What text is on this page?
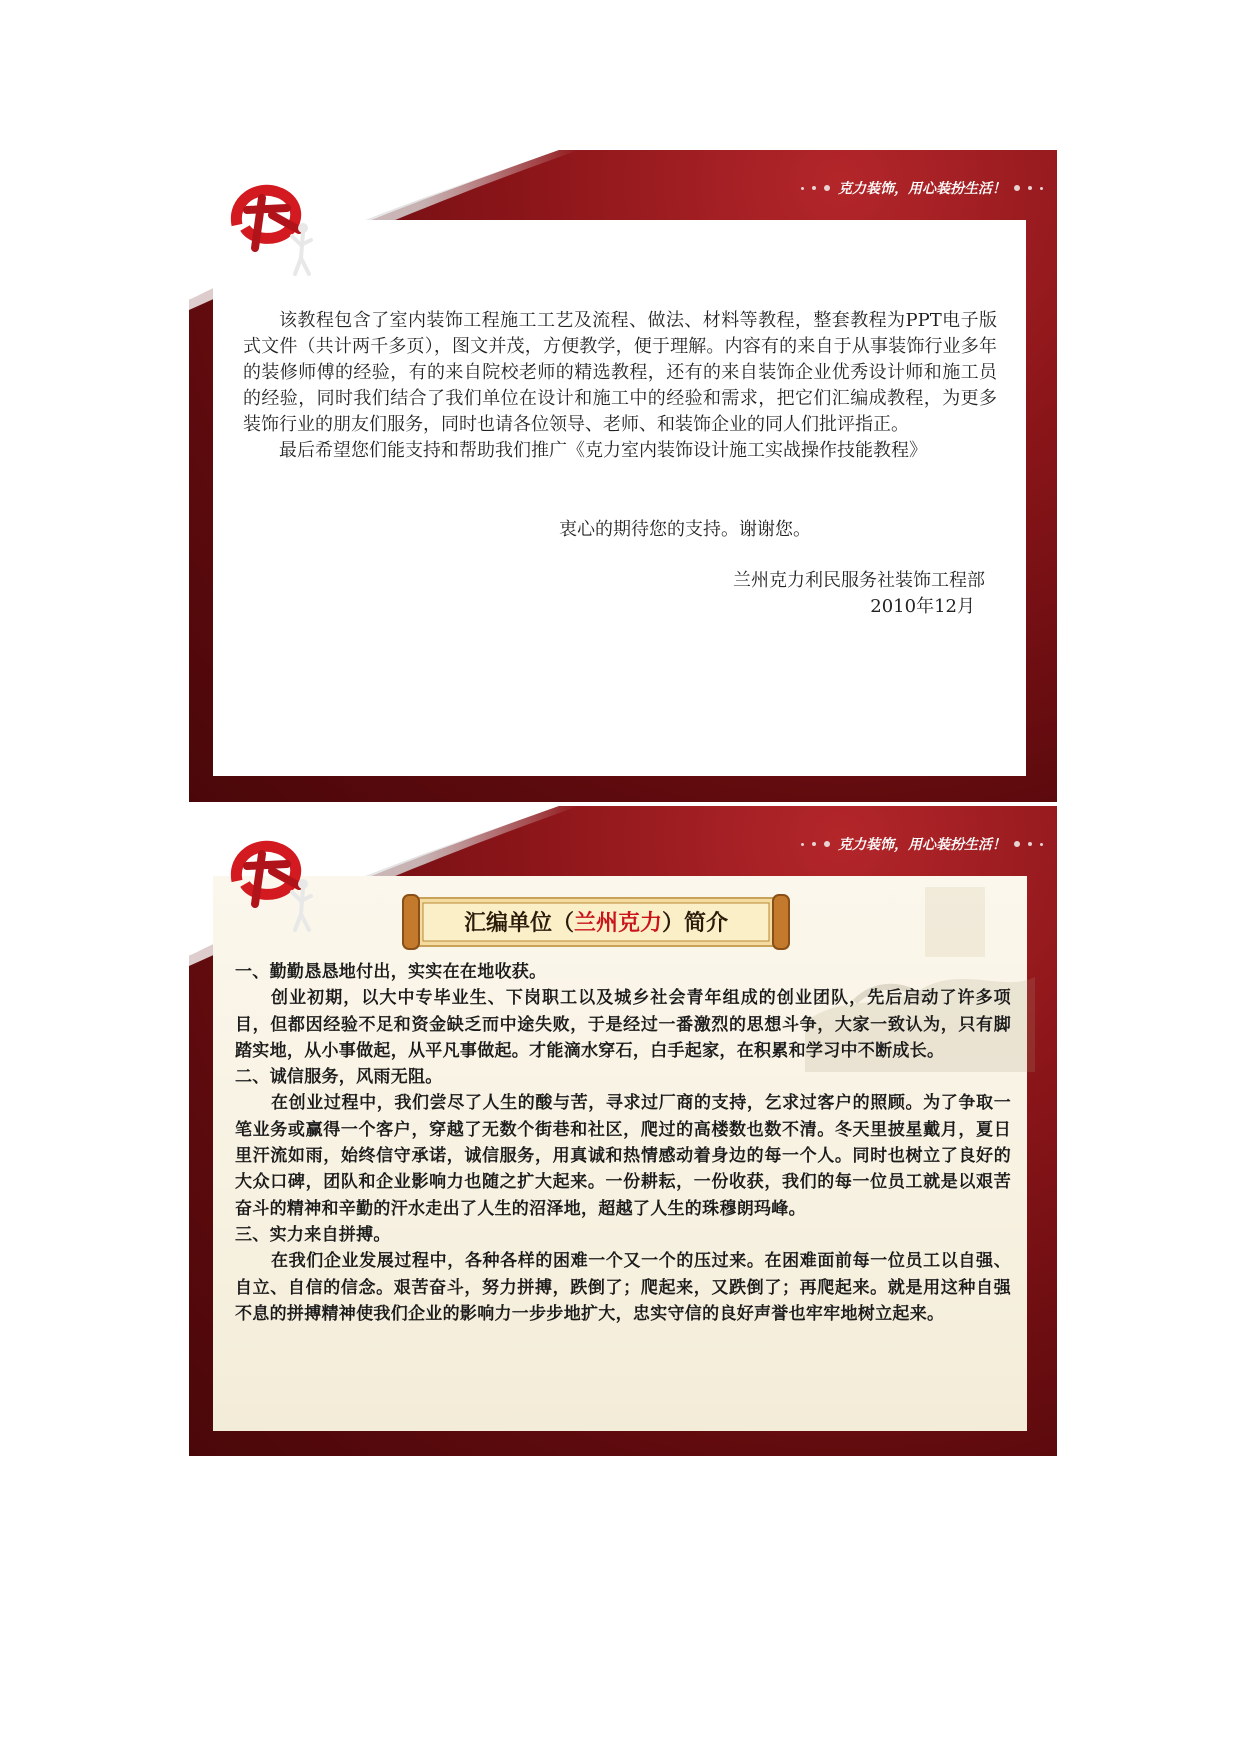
克力装饰，用心装扮生活！

该教程包含了室内装饰工程施工工艺及流程、做法、材料等教程，整套教程为PPT电子版式文件（共计两千多页），图文并茂，方便教学，便于理解。内容有的来自于从事装饰行业多年的装修师傅的经验，有的来自院校老师的精选教程，还有的来自装饰企业优秀设计师和施工员的经验，同时我们结合了我们单位在设计和施工中的经验和需求，把它们汇编成教程，为更多装饰行业的朋友们服务，同时也请各位领导、老师、和装饰企业的同人们批评指正。

最后希望您们能支持和帮助我们推广《克力室内装饰设计施工实战操作技能教程》

衷心的期待您的支持。谢谢您。
兰州克力利民服务社装饰工程部
2010年12月
克力装饰，用心装扮生活！
汇编单位（兰州克力）简介

一、勤勤恳恳地付出，实实在在地收获。

创业初期，以大中专毕业生、下岗职工以及城乡社会青年组成的创业团队，先后启动了许多项目，但都因经验不足和资金缺乏而中途失败，于是经过一番激烈的思想斗争，大家一致认为，只有脚踏实地，从小事做起，从平凡事做起。才能滴水穿石，白手起家，在积累和学习中不断成长。

二、诚信服务，风雨无阻。

在创业过程中，我们尝尽了人生的酸与苦，寻求过厂商的支持，乞求过客户的照顾。为了争取一笔业务或赢得一个客户，穿越了无数个街巷和社区，爬过的高楼数也数不清。冬天里披星戴月，夏日里汗流如雨，始终信守承诺，诚信服务，用真诚和热情感动着身边的每一个人。同时也树立了良好的大众口碑，团队和企业影响力也随之扩大起来。一份耕耘，一份收获，我们的每一位员工就是以艰苦奋斗的精神和辛勤的汗水走出了人生的沼泽地，超越了人生的珠穆朗玛峰。

三、实力来自拼搏。

在我们企业发展过程中，各种各样的困难一个又一个的压过来。在困难面前每一位员工以自强、自立、自信的信念。艰苦奋斗，努力拼搏，跌倒了；爬起来，又跌倒了；再爬起来。就是用这种自强不息的拼搏精神使我们企业的影响力一步步地扩大，忠实守信的良好声誉也牢牢地树立起来。
